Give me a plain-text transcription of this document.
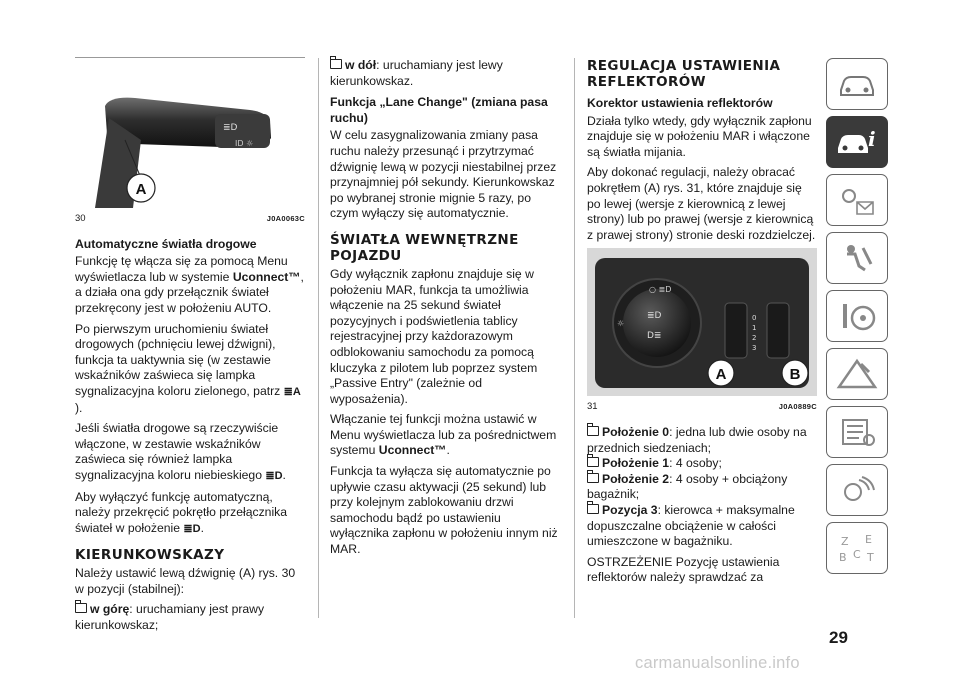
≣D
ID ☼
A
30	J0A0063C
Automatyczne światła drogowe

Funkcję tę włącza się za pomocą Menu wyświetlacza lub w systemie Uconnect™, a działa ona gdy przełącznik świateł przekręcony jest w położeniu AUTO.

Po pierwszym uruchomieniu świateł drogowych (pchnięciu lewej dźwigni), funkcja ta uaktywnia się (w zestawie wskaźników zaświeca się lampka sygnalizacyjna koloru zielonego, patrz ≣A).

Jeśli światła drogowe są rzeczywiście włączone, w zestawie wskaźników zaświeca się również lampka sygnalizacyjna koloru niebieskiego ≣D.

Aby wyłączyć funkcję automatyczną, należy przekręcić pokrętło przełącznika świateł w położenie ≣D.

KIERUNKOWSKAZY

Należy ustawić lewą dźwignię (A) rys. 30 w pozycji (stabilnej):

w górę: uruchamiany jest prawy kierunkowskaz;

w dół: uruchamiany jest lewy kierunkowskaz.

Funkcja „Lane Change" (zmiana pasa ruchu)

W celu zasygnalizowania zmiany pasa ruchu należy przesunąć i przytrzymać dźwignię lewą w pozycji niestabilnej przez przynajmniej pół sekundy. Kierunkowskaz po wybranej stronie mignie 5 razy, po czym wyłączy się automatycznie.

ŚWIATŁA WEWNĘTRZNE POJAZDU

Gdy wyłącznik zapłonu znajduje się w położeniu MAR, funkcja ta umożliwia włączenie na 25 sekund świateł pozycyjnych i podświetlenia tablicy rejestracyjnej przy każdorazowym odblokowaniu samochodu za pomocą kluczyka z pilotem lub poprzez system „Passive Entry" (zależnie od wyposażenia).

Włączanie tej funkcji można ustawić w Menu wyświetlacza lub za pośrednictwem systemu Uconnect™.

Funkcja ta wyłącza się automatycznie po upływie czasu aktywacji (25 sekund) lub przy kolejnym zablokowaniu drzwi samochodu bądź po ustawieniu wyłącznika zapłonu w położeniu innym niż MAR.

REGULACJA USTAWIENIA REFLEKTORÓW
Korektor ustawienia reflektorów

Działa tylko wtedy, gdy wyłącznik zapłonu znajduje się w położeniu MAR i włączone są światła mijania.

Aby dokonać regulacji, należy obracać pokrętłem (A) rys. 31, które znajduje się po lewej (wersje z kierownicą z lewej strony) lub po prawej (wersje z kierownicą z prawej strony) stronie deski rozdzielczej.

○ ≣D
☼
≣D
D≣
0
1
2
3
A	B
31	J0A0889C

Położenie 0: jedna lub dwie osoby na przednich siedzeniach;

Położenie 1: 4 osoby;

Położenie 2: 4 osoby + obciążony bagażnik;

Pozycja 3: kierowca + maksymalne dopuszczalne obciążenie w całości umieszczone w bagażniku.

OSTRZEŻENIE Pozycję ustawienia reflektorów należy sprawdzać za

i
Z E
B C T
29
carmanualsonline.info
